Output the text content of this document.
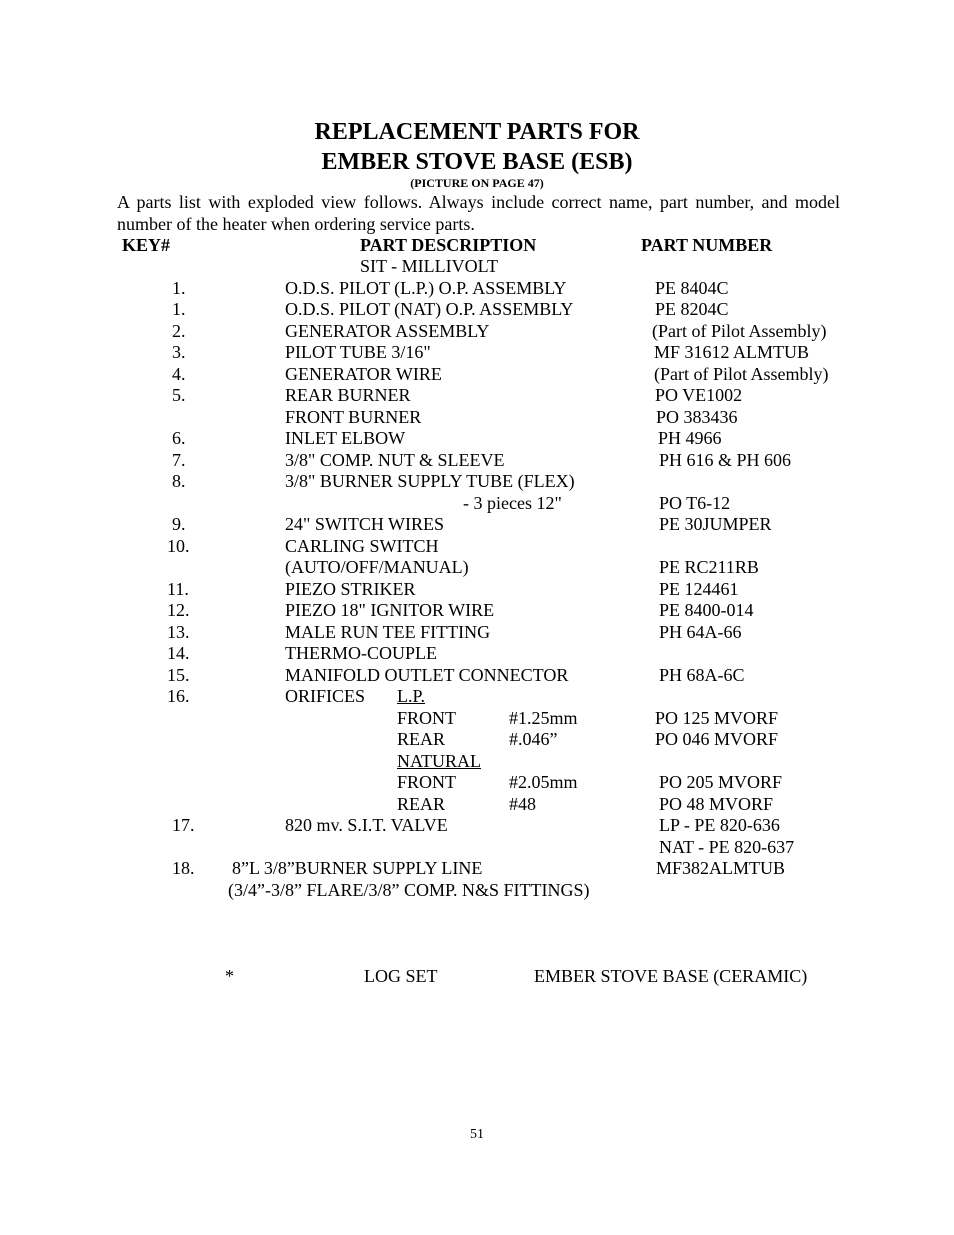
REPLACEMENT PARTS FOR
EMBER STOVE BASE (ESB)
(PICTURE ON PAGE 47)
A parts list with exploded view follows. Always include correct name, part number, and model number of the heater when ordering service parts.
KEY#	PART DESCRIPTION	PART NUMBER
SIT - MILLIVOLT
1.	O.D.S. PILOT (L.P.) O.P. ASSEMBLY	PE 8404C
1.	O.D.S. PILOT (NAT) O.P. ASSEMBLY	PE 8204C
2.	GENERATOR ASSEMBLY	(Part of Pilot Assembly)
3.	PILOT TUBE 3/16"	MF 31612 ALMTUB
4.	GENERATOR WIRE	(Part of Pilot Assembly)
5.	REAR BURNER	PO VE1002
FRONT BURNER	PO 383436
6.	INLET ELBOW	PH 4966
7.	3/8" COMP. NUT & SLEEVE	PH 616 & PH 606
8.	3/8" BURNER SUPPLY TUBE (FLEX)
- 3 pieces 12"	PO T6-12
9.	24" SWITCH WIRES	PE 30JUMPER
10.	CARLING SWITCH
(AUTO/OFF/MANUAL)	PE RC211RB
11.	PIEZO STRIKER	PE 124461
12.	PIEZO 18" IGNITOR WIRE	PE 8400-014
13.	MALE RUN TEE FITTING	PH 64A-66
14.	THERMO-COUPLE
15.	MANIFOLD OUTLET CONNECTOR	PH 68A-6C
16.	ORIFICES L.P.
FRONT	#1.25mm	PO 125 MVORF
REAR	#.046”	PO 046 MVORF
NATURAL
FRONT	#2.05mm	PO 205 MVORF
REAR	#48	PO 48 MVORF
17.	820 mv. S.I.T. VALVE	LP - PE 820-636
NAT - PE 820-637
18. 8”L 3/8”BURNER SUPPLY LINE	MF382ALMTUB
(3/4”-3/8” FLARE/3/8” COMP. N&S FITTINGS)
*	LOG SET	EMBER STOVE BASE (CERAMIC)
51
